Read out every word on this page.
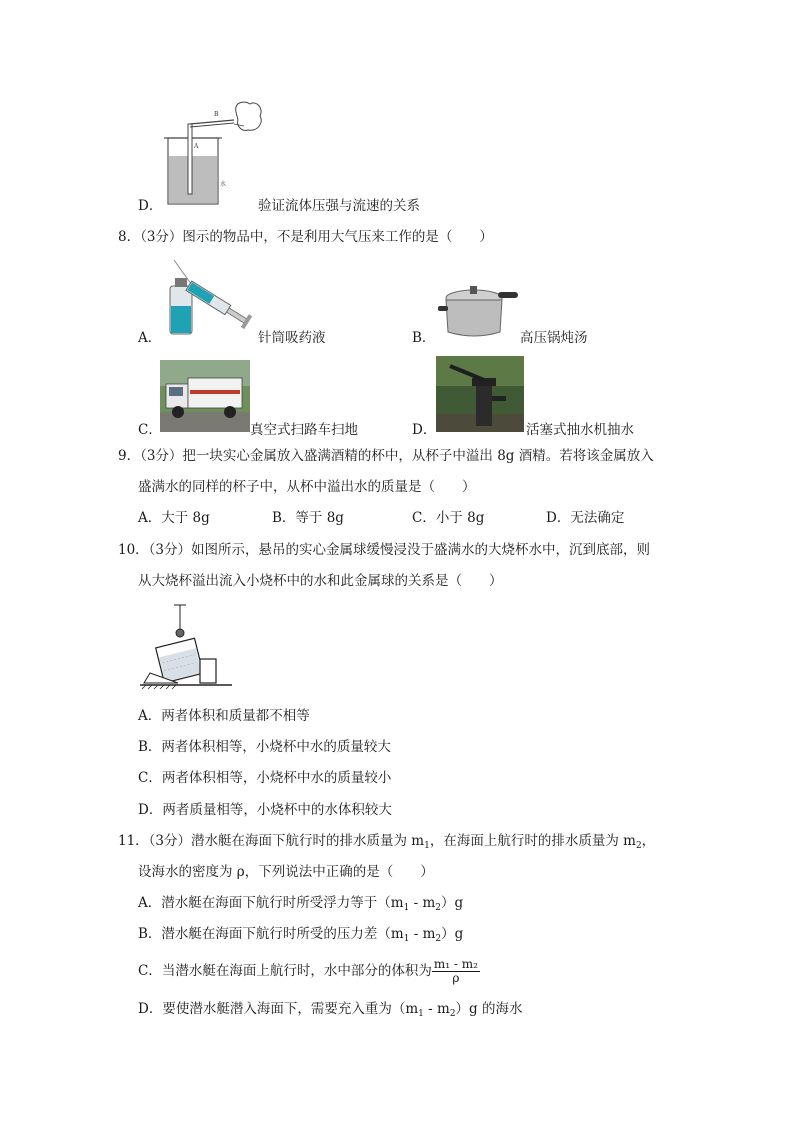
A
B
水
D．	验证流体压强与流速的关系
8．（3分）图示的物品中，不是利用大气压来工作的是（　　）
A．	针筒吸药液	B．	高压锅炖汤
C．	真空式扫路车扫地	D．	活塞式抽水机抽水
9．（3分）把一块实心金属放入盛满酒精的杯中，从杯子中溢出 8g 酒精。若将该金属放入
盛满水的同样的杯子中，从杯中溢出水的质量是（　　）
A．大于 8g	B．等于 8g	C．小于 8g	D．无法确定
10．（3分）如图所示，悬吊的实心金属球缓慢浸没于盛满水的大烧杯水中，沉到底部，则
从大烧杯溢出流入小烧杯中的水和此金属球的关系是（　　）
A．两者体积和质量都不相等
B．两者体积相等，小烧杯中水的质量较大
C．两者体积相等，小烧杯中水的质量较小
D．两者质量相等，小烧杯中的水体积较大
11．（3分）潜水艇在海面下航行时的排水质量为 $m_1$，在海面上航行时的排水质量为 $m_2$，
设海水的密度为 ρ，下列说法中正确的是（　　）
A．潜水艇在海面下航行时所受浮力等于$(m_1 - m_2)g$
B．潜水艇在海面下航行时所受的压力差$(m_1 - m_2)g$
C．当潜水艇在海面上航行时，水中部分的体积为 $\frac{\text{m₁ - m₂}}{\rho}$
D．要使潜水艇潜入海面下，需要充入重为$(m_1 - m_2)g$ 的海水
